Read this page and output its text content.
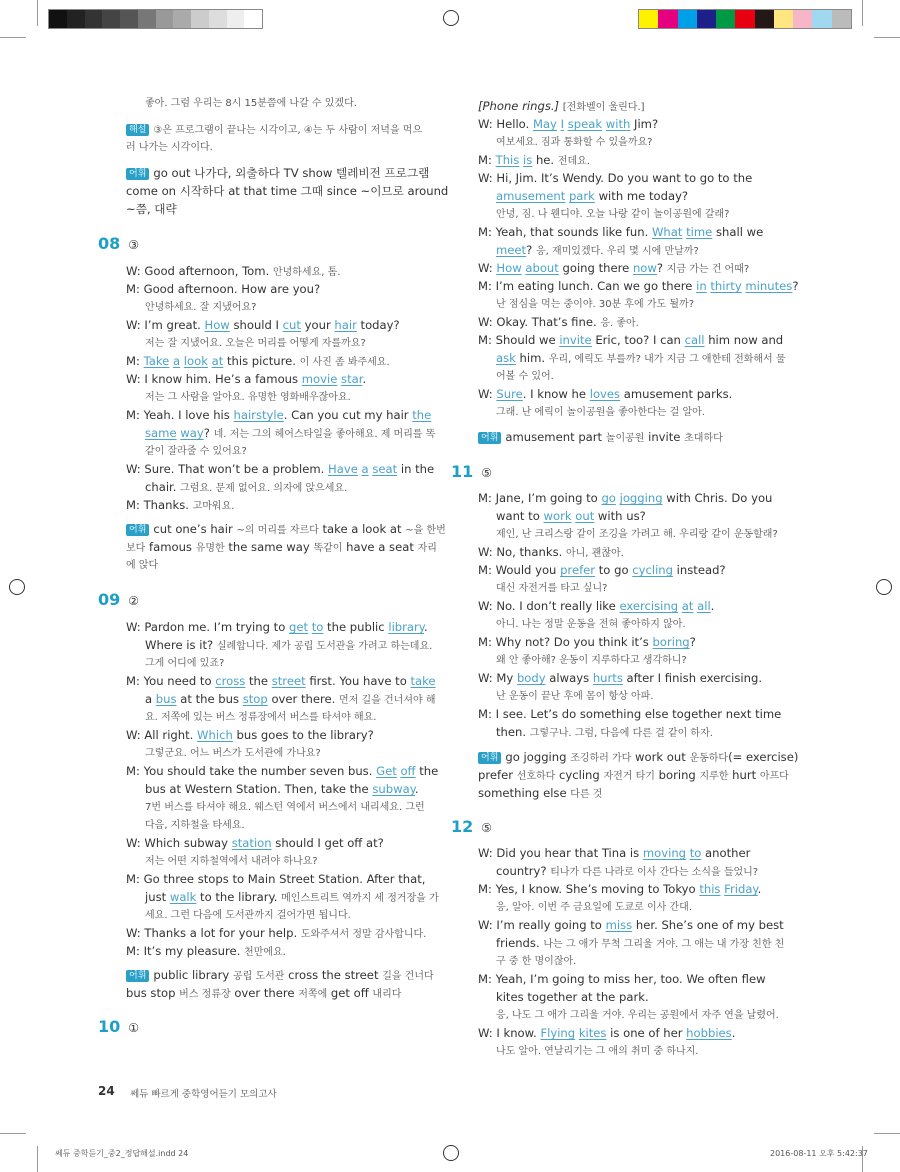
좋아. 그럼 우리는 8시 15분쯤에 나갈 수 있겠다.
해설 ③은 프로그램이 끝나는 시각이고, ④는 두 사람이 저녁을 먹으
러 나가는 시각이다.
어휘 go out 나가다, 외출하다 TV show 텔레비전 프로그램
come on 시작하다 at that time 그때 since ~이므로 around
~쯤, 대략
08 ③
W: Good afternoon, Tom. 안녕하세요, 톰.
M: Good afternoon. How are you?
안녕하세요. 잘 지냈어요?
W: I’m great. How should I cut your hair today?
저는 잘 지냈어요. 오늘은 머리를 어떻게 자를까요?
M: Take a look at this picture. 이 사진 좀 봐주세요.
W: I know him. He’s a famous movie star.
저는 그 사람을 알아요. 유명한 영화배우잖아요.
M: Yeah. I love his hairstyle. Can you cut my hair the
same way? 네. 저는 그의 헤어스타일을 좋아해요. 제 머리를 똑
같이 잘라줄 수 있어요?
W: Sure. That won’t be a problem. Have a seat in the
chair. 그럼요. 문제 없어요. 의자에 앉으세요.
M: Thanks. 고마워요.
어휘 cut one’s hair ~의 머리를 자르다 take a look at ~을 한번
보다 famous 유명한 the same way 똑같이 have a seat 자리
에 앉다
09 ②
W: Pardon me. I’m trying to get to the public library.
Where is it? 실례합니다. 제가 공립 도서관을 가려고 하는데요.
그게 어디에 있죠?
M: You need to cross the street first. You have to take
a bus at the bus stop over there. 먼저 길을 건너셔야 해
요. 저쪽에 있는 버스 정류장에서 버스를 타셔야 해요.
W: All right. Which bus goes to the library?
그렇군요. 어느 버스가 도서관에 가나요?
M: You should take the number seven bus. Get off the
bus at Western Station. Then, take the subway.
7번 버스를 타셔야 해요. 웨스턴 역에서 버스에서 내리세요. 그런
다음, 지하철을 타세요.
W: Which subway station should I get off at?
저는 어떤 지하철역에서 내려야 하나요?
M: Go three stops to Main Street Station. After that,
just walk to the library. 메인스트리트 역까지 세 정거장을 가
세요. 그런 다음에 도서관까지 걸어가면 됩니다.
W: Thanks a lot for your help. 도와주셔서 정말 감사합니다.
M: It’s my pleasure. 천만에요.
어휘 public library 공립 도서관 cross the street 길을 건너다
bus stop 버스 정류장 over there 저쪽에 get off 내리다
10 ①
[Phone rings.] [전화벨이 울린다.]
W: Hello. May I speak with Jim?
여보세요. 짐과 통화할 수 있을까요?
M: This is he. 전데요.
W: Hi, Jim. It’s Wendy. Do you want to go to the
amusement park with me today?
안녕, 짐. 나 웬디야. 오늘 나랑 같이 놀이공원에 갈래?
M: Yeah, that sounds like fun. What time shall we
meet? 응, 재미있겠다. 우리 몇 시에 만날까?
W: How about going there now? 지금 가는 건 어때?
M: I’m eating lunch. Can we go there in thirty minutes?
난 점심을 먹는 중이야. 30분 후에 가도 될까?
W: Okay. That’s fine. 응. 좋아.
M: Should we invite Eric, too? I can call him now and
ask him. 우리, 에릭도 부를까? 내가 지금 그 애한테 전화해서 물
어볼 수 있어.
W: Sure. I know he loves amusement parks.
그래. 난 에릭이 놀이공원을 좋아한다는 걸 알아.
어휘 amusement part 놀이공원 invite 초대하다
11 ⑤
M: Jane, I’m going to go jogging with Chris. Do you
want to work out with us?
제인, 난 크리스랑 같이 조깅을 가려고 해. 우리랑 같이 운동할래?
W: No, thanks. 아니, 괜찮아.
M: Would you prefer to go cycling instead?
대신 자전거를 타고 싶니?
W: No. I don’t really like exercising at all.
아니. 나는 정말 운동을 전혀 좋아하지 않아.
M: Why not? Do you think it’s boring?
왜 안 좋아해? 운동이 지루하다고 생각하니?
W: My body always hurts after I finish exercising.
난 운동이 끝난 후에 몸이 항상 아파.
M: I see. Let’s do something else together next time
then. 그렇구나. 그럼, 다음에 다른 걸 같이 하자.
어휘 go jogging 조깅하러 가다 work out 운동하다(= exercise)
prefer 선호하다 cycling 자전거 타기 boring 지루한 hurt 아프다
something else 다른 것
12 ⑤
W: Did you hear that Tina is moving to another
country? 티나가 다른 나라로 이사 간다는 소식을 들었니?
M: Yes, I know. She’s moving to Tokyo this Friday.
응, 알아. 이번 주 금요일에 도쿄로 이사 간대.
W: I’m really going to miss her. She’s one of my best
friends. 나는 그 애가 무척 그리울 거야. 그 애는 내 가장 친한 친
구 중 한 명이잖아.
M: Yeah, I’m going to miss her, too. We often flew
kites together at the park.
응, 나도 그 애가 그리울 거야. 우리는 공원에서 자주 연을 날렸어.
W: I know. Flying kites is one of her hobbies.
나도 알아. 연날리기는 그 애의 취미 중 하나지.
24 쎄듀 빠르게 중학영어듣기 모의고사
쎄듀 중학듣기_중2_정답해설.indd 24	2016-08-11 오후 5:42:37
